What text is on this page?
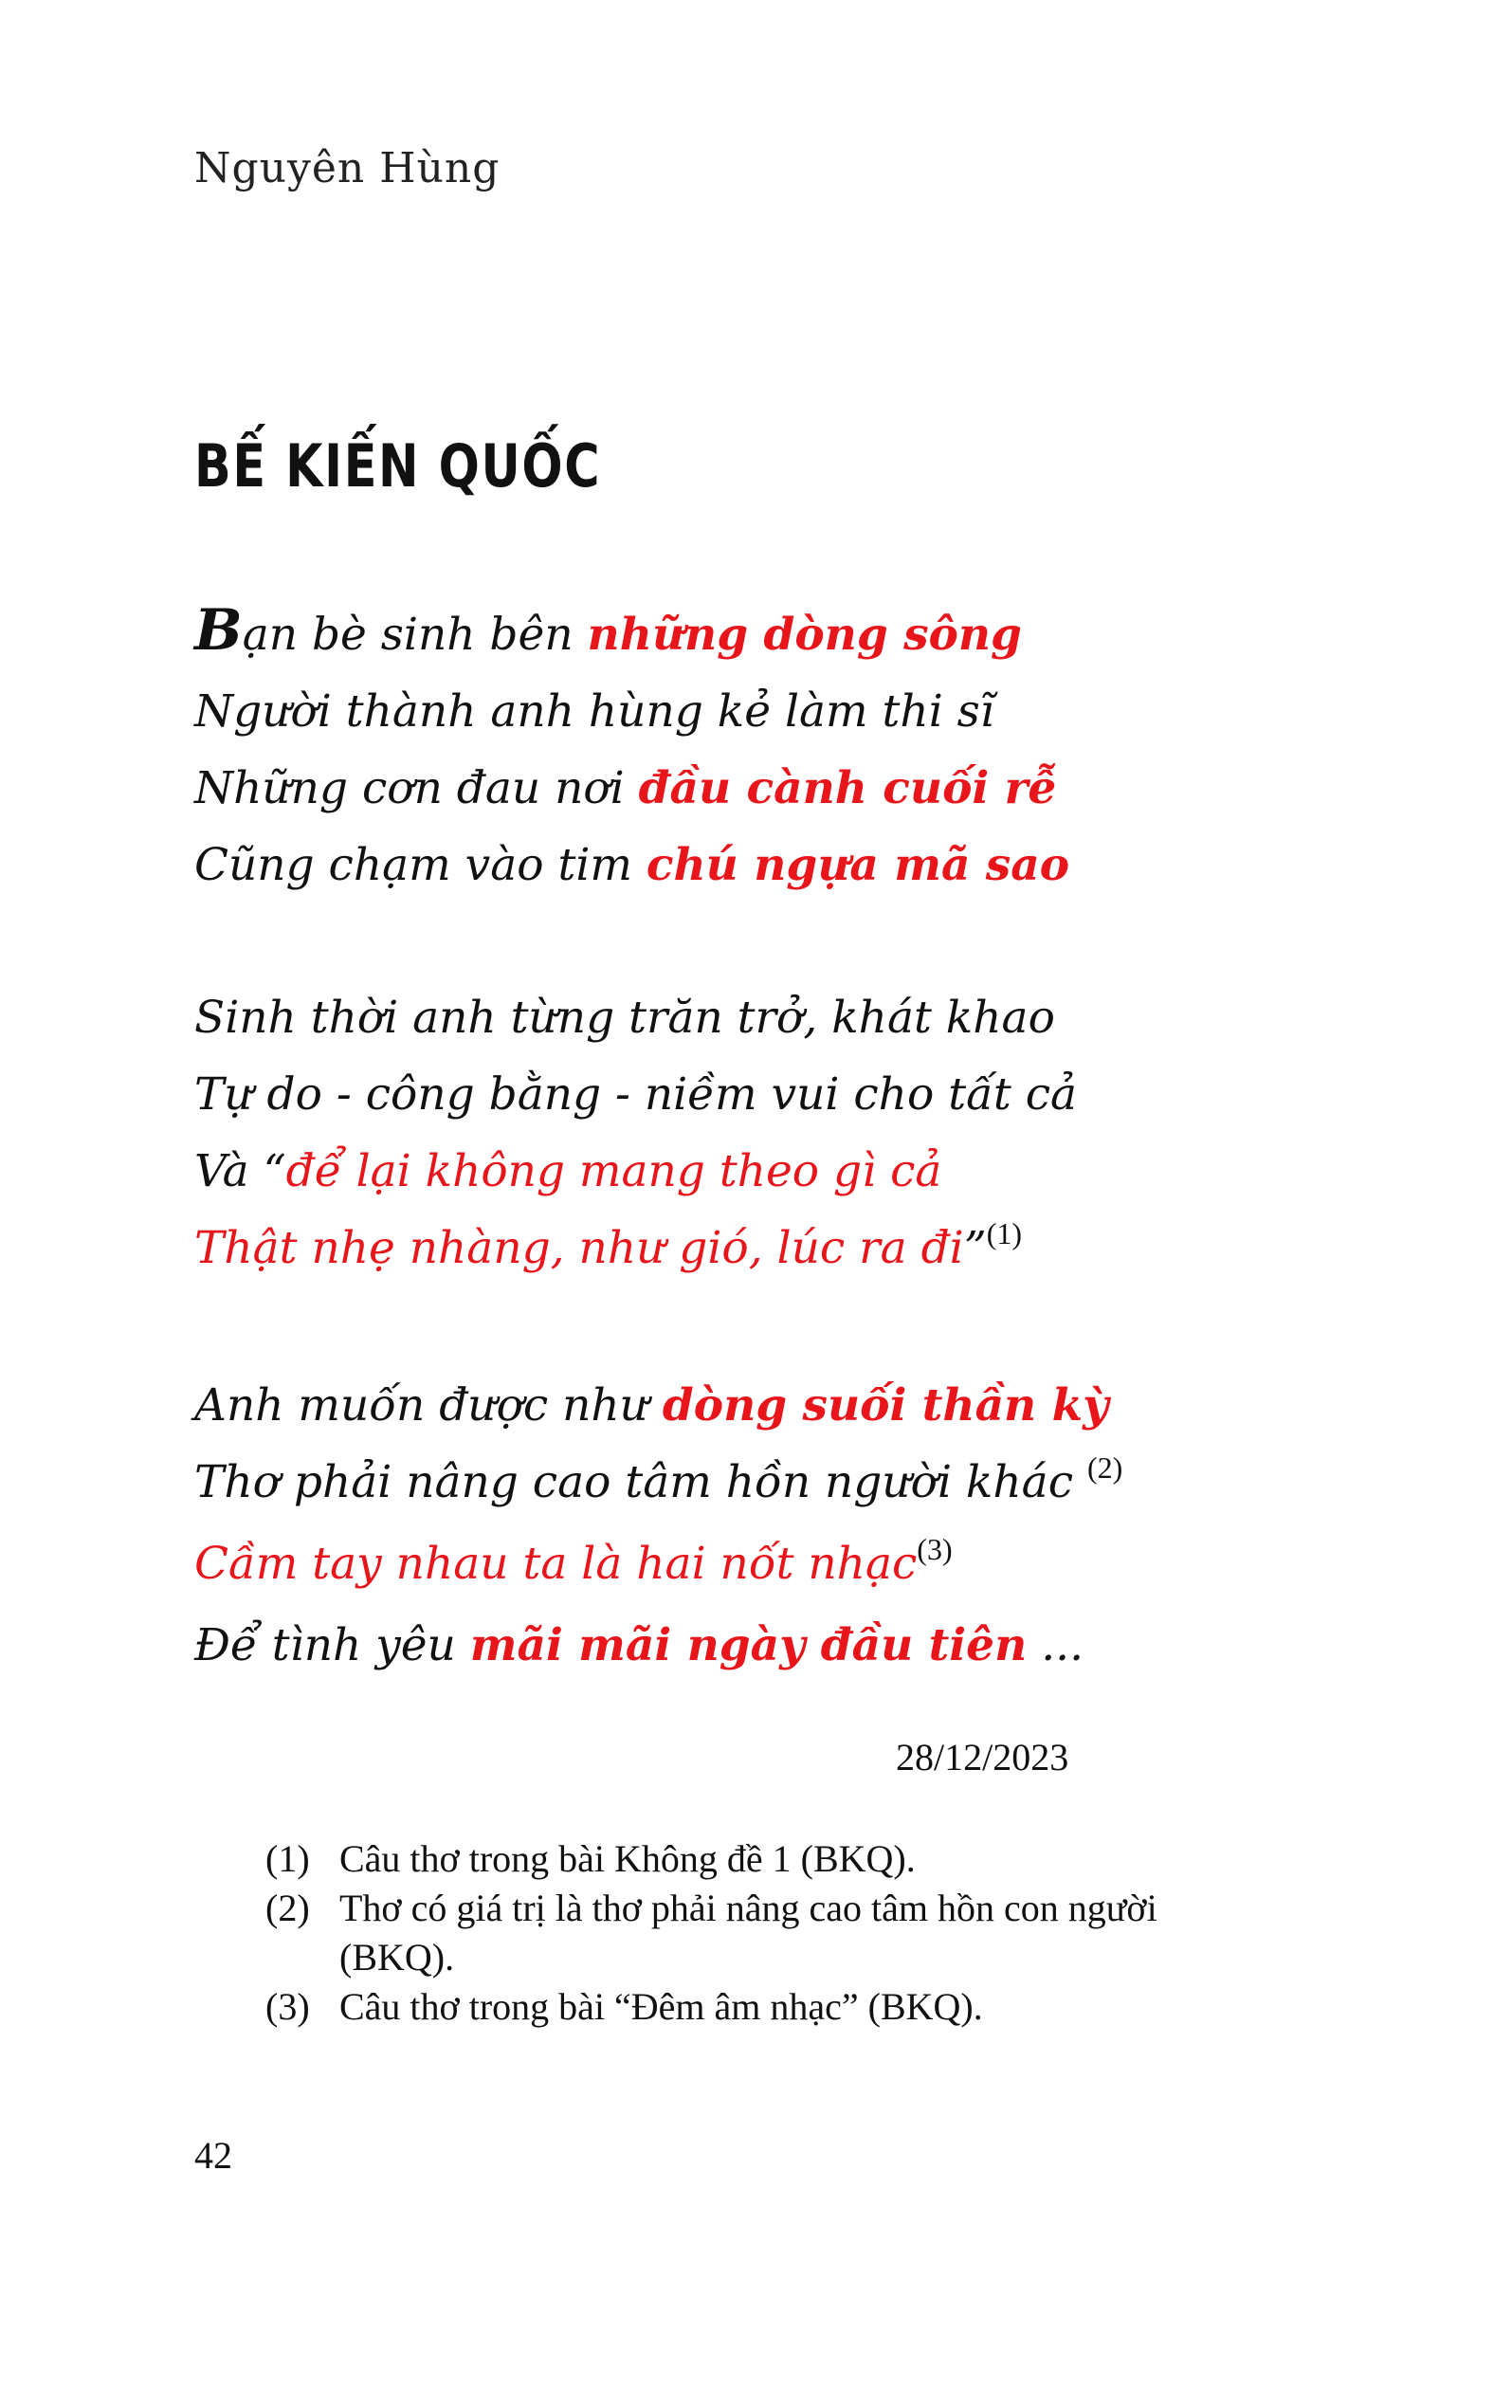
Nguyên Hùng
BẾ KIẾN QUỐC
Bạn bè sinh bên những dòng sông
Người thành anh hùng kẻ làm thi sĩ
Những cơn đau nơi đầu cành cuối rễ
Cũng chạm vào tim chú ngựa mã sao
Sinh thời anh từng trăn trở, khát khao
Tự do - công bằng - niềm vui cho tất cả
Và “để lại không mang theo gì cả
Thật nhẹ nhàng, như gió, lúc ra đi”$^{(1)}$
Anh muốn được như dòng suối thần kỳ
Thơ phải nâng cao tâm hồn người khác $^{(2)}$
Cầm tay nhau ta là hai nốt nhạc$^{(3)}$
Để tình yêu mãi mãi ngày đầu tiên ...
28/12/2023
(1) Câu thơ trong bài Không đề 1 (BKQ).
(2) Thơ có giá trị là thơ phải nâng cao tâm hồn con người (BKQ).
(3) Câu thơ trong bài “Đêm âm nhạc” (BKQ).
42
